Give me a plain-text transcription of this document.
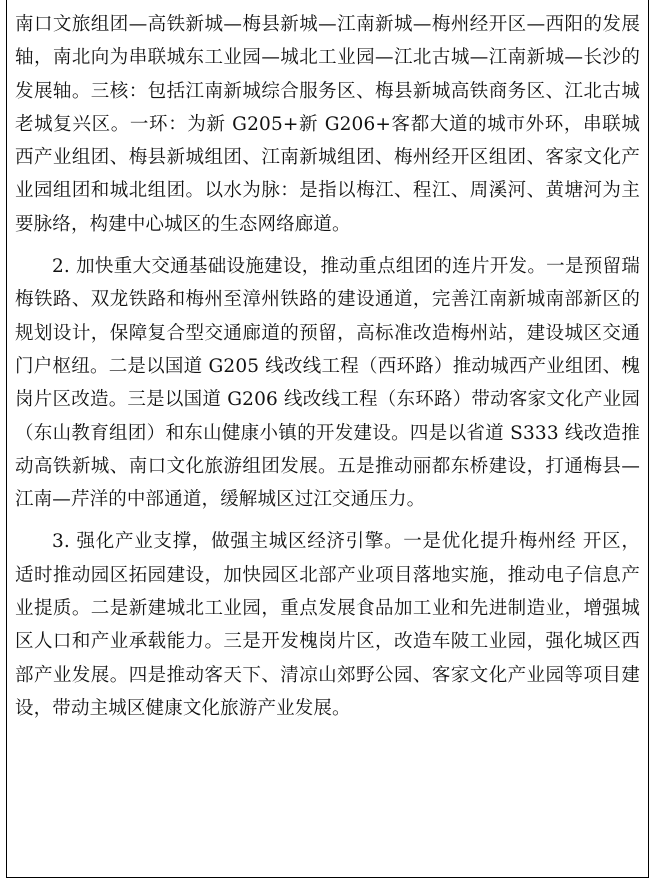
南口文旅组团—高铁新城—梅县新城—江南新城—梅州经开区—西阳的发展轴，南北向为串联城东工业园—城北工业园—江北古城—江南新城—长沙的发展轴。三核：包括江南新城综合服务区、梅县新城高铁商务区、江北古城老城复兴区。一环：为新 G205+新 G206+客都大道的城市外环，串联城西产业组团、梅县新城组团、江南新城组团、梅州经开区组团、客家文化产业园组团和城北组团。以水为脉：是指以梅江、程江、周溪河、黄塘河为主要脉络，构建中心城区的生态网络廊道。

2. 加快重大交通基础设施建设，推动重点组团的连片开发。一是预留瑞梅铁路、双龙铁路和梅州至漳州铁路的建设通道，完善江南新城南部新区的规划设计，保障复合型交通廊道的预留，高标准改造梅州站，建设城区交通门户枢纽。二是以国道 G205 线改线工程（西环路）推动城西产业组团、槐岗片区改造。三是以国道 G206 线改线工程（东环路）带动客家文化产业园（东山教育组团）和东山健康小镇的开发建设。四是以省道 S333 线改造推动高铁新城、南口文化旅游组团发展。五是推动丽都东桥建设，打通梅县—江南—芹洋的中部通道，缓解城区过江交通压力。

3. 强化产业支撑，做强主城区经济引擎。一是优化提升梅州经 开区，适时推动园区拓园建设，加快园区北部产业项目落地实施，推动电子信息产业提质。二是新建城北工业园，重点发展食品加工业和先进制造业，增强城区人口和产业承载能力。三是开发槐岗片区，改造车陂工业园，强化城区西部产业发展。四是推动客天下、清凉山郊野公园、客家文化产业园等项目建设，带动主城区健康文化旅游产业发展。
